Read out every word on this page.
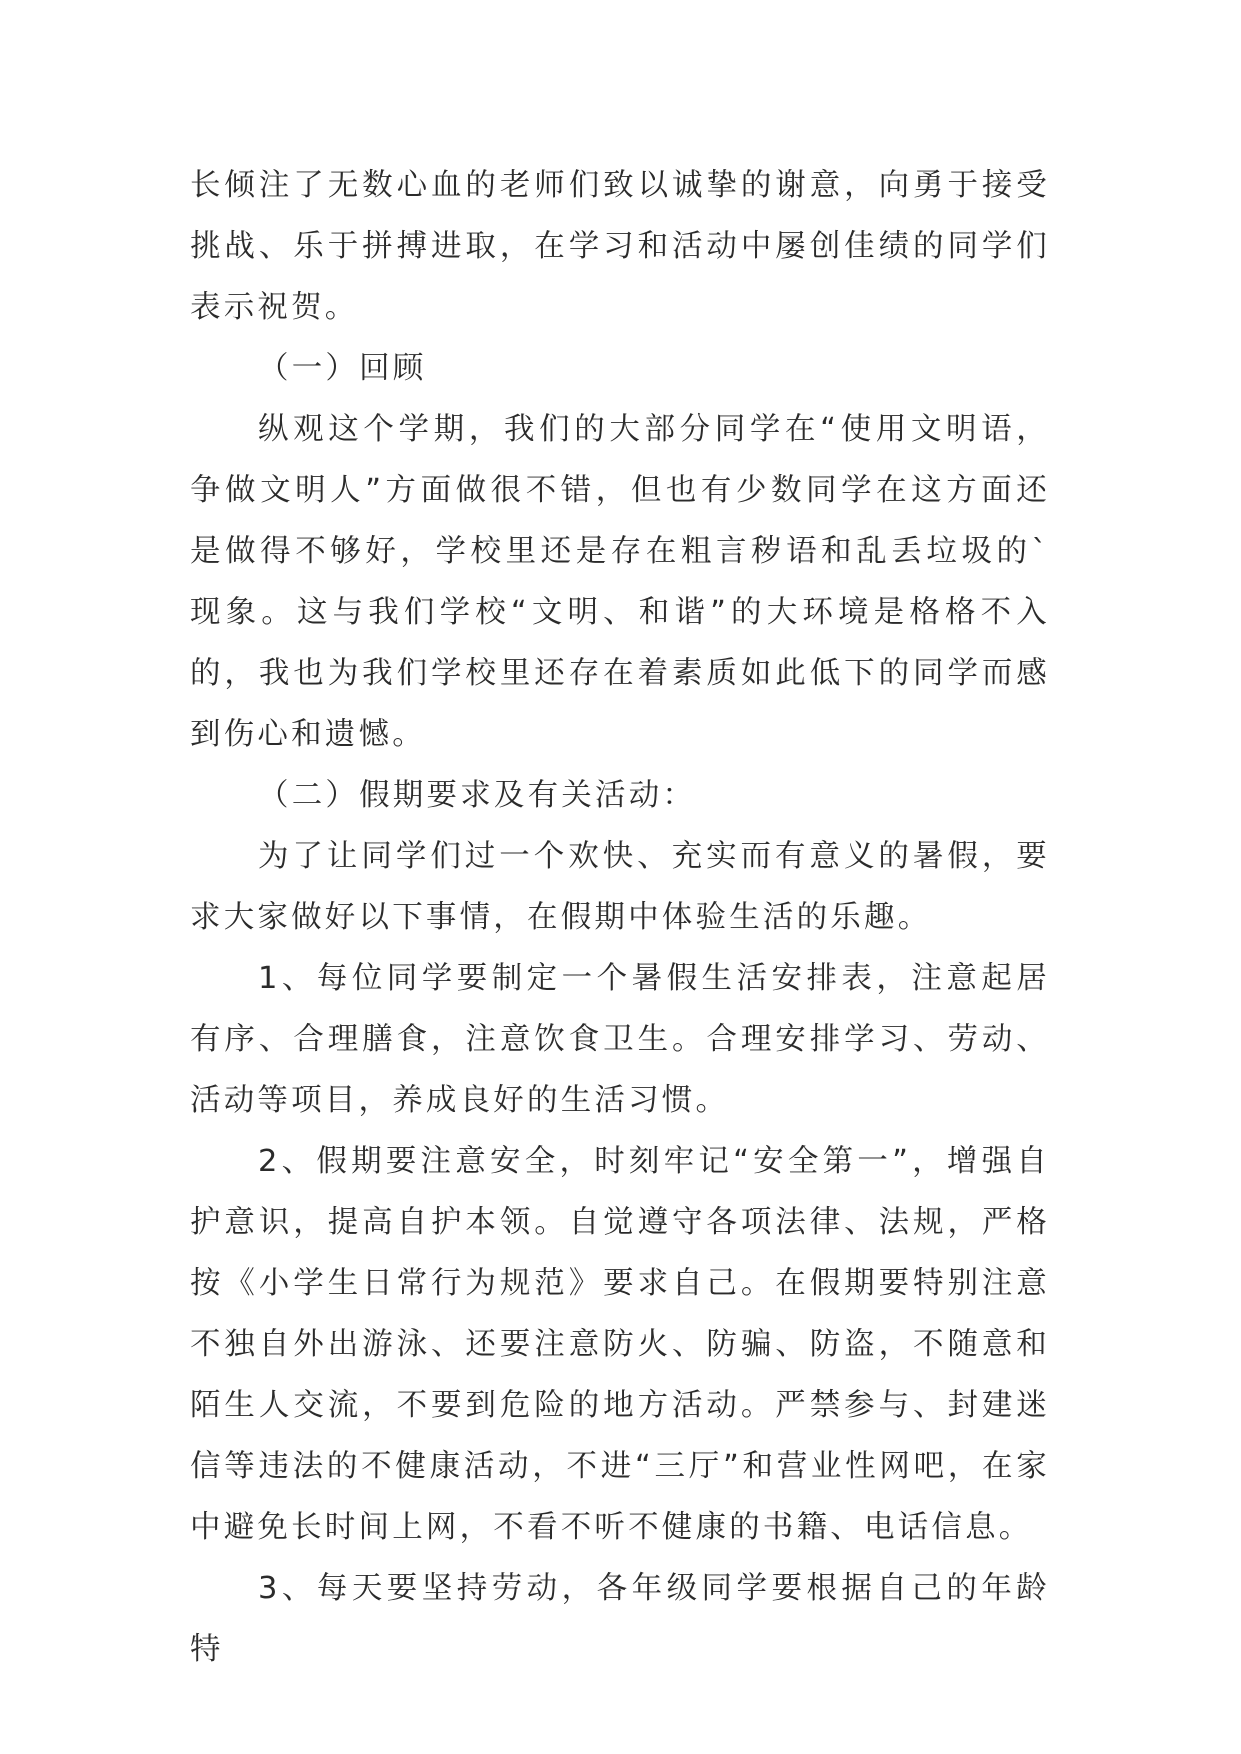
长倾注了无数心血的老师们致以诚挚的谢意，向勇于接受挑战、乐于拼搏进取，在学习和活动中屡创佳绩的同学们表示祝贺。

（一）回顾

纵观这个学期，我们的大部分同学在“使用文明语，争做文明人”方面做很不错，但也有少数同学在这方面还是做得不够好，学校里还是存在粗言秽语和乱丢垃圾的`现象。这与我们学校“文明、和谐”的大环境是格格不入的，我也为我们学校里还存在着素质如此低下的同学而感到伤心和遗憾。

（二）假期要求及有关活动：

为了让同学们过一个欢快、充实而有意义的暑假，要求大家做好以下事情，在假期中体验生活的乐趣。

1、每位同学要制定一个暑假生活安排表，注意起居有序、合理膳食，注意饮食卫生。合理安排学习、劳动、活动等项目，养成良好的生活习惯。

2、假期要注意安全，时刻牢记“安全第一”，增强自护意识，提高自护本领。自觉遵守各项法律、法规，严格按《小学生日常行为规范》要求自己。在假期要特别注意不独自外出游泳、还要注意防火、防骗、防盗，不随意和陌生人交流，不要到危险的地方活动。严禁参与、封建迷信等违法的不健康活动，不进“三厅”和营业性网吧，在家中避免长时间上网，不看不听不健康的书籍、电话信息。

3、每天要坚持劳动，各年级同学要根据自己的年龄特
